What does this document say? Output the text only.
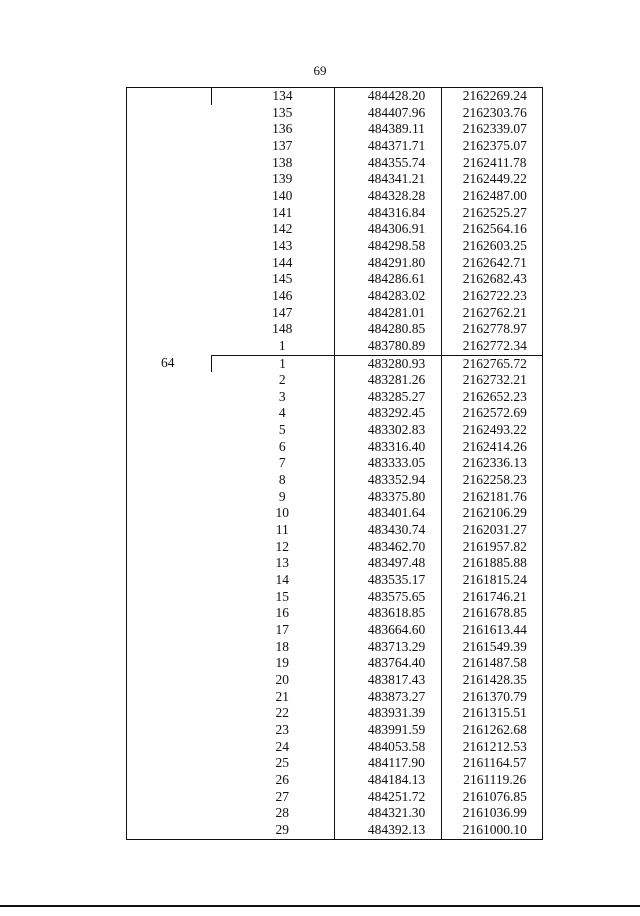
69
	134	484428.20	2162269.24
	135	484407.96	2162303.76
	136	484389.11	2162339.07
	137	484371.71	2162375.07
	138	484355.74	2162411.78
	139	484341.21	2162449.22
	140	484328.28	2162487.00
	141	484316.84	2162525.27
	142	484306.91	2162564.16
	143	484298.58	2162603.25
	144	484291.80	2162642.71
	145	484286.61	2162682.43
	146	484283.02	2162722.23
	147	484281.01	2162762.21
	148	484280.85	2162778.97
	1	483780.89	2162772.34
64	1	483280.93	2162765.72
	2	483281.26	2162732.21
	3	483285.27	2162652.23
	4	483292.45	2162572.69
	5	483302.83	2162493.22
	6	483316.40	2162414.26
	7	483333.05	2162336.13
	8	483352.94	2162258.23
	9	483375.80	2162181.76
	10	483401.64	2162106.29
	11	483430.74	2162031.27
	12	483462.70	2161957.82
	13	483497.48	2161885.88
	14	483535.17	2161815.24
	15	483575.65	2161746.21
	16	483618.85	2161678.85
	17	483664.60	2161613.44
	18	483713.29	2161549.39
	19	483764.40	2161487.58
	20	483817.43	2161428.35
	21	483873.27	2161370.79
	22	483931.39	2161315.51
	23	483991.59	2161262.68
	24	484053.58	2161212.53
	25	484117.90	2161164.57
	26	484184.13	2161119.26
	27	484251.72	2161076.85
	28	484321.30	2161036.99
	29	484392.13	2161000.10
